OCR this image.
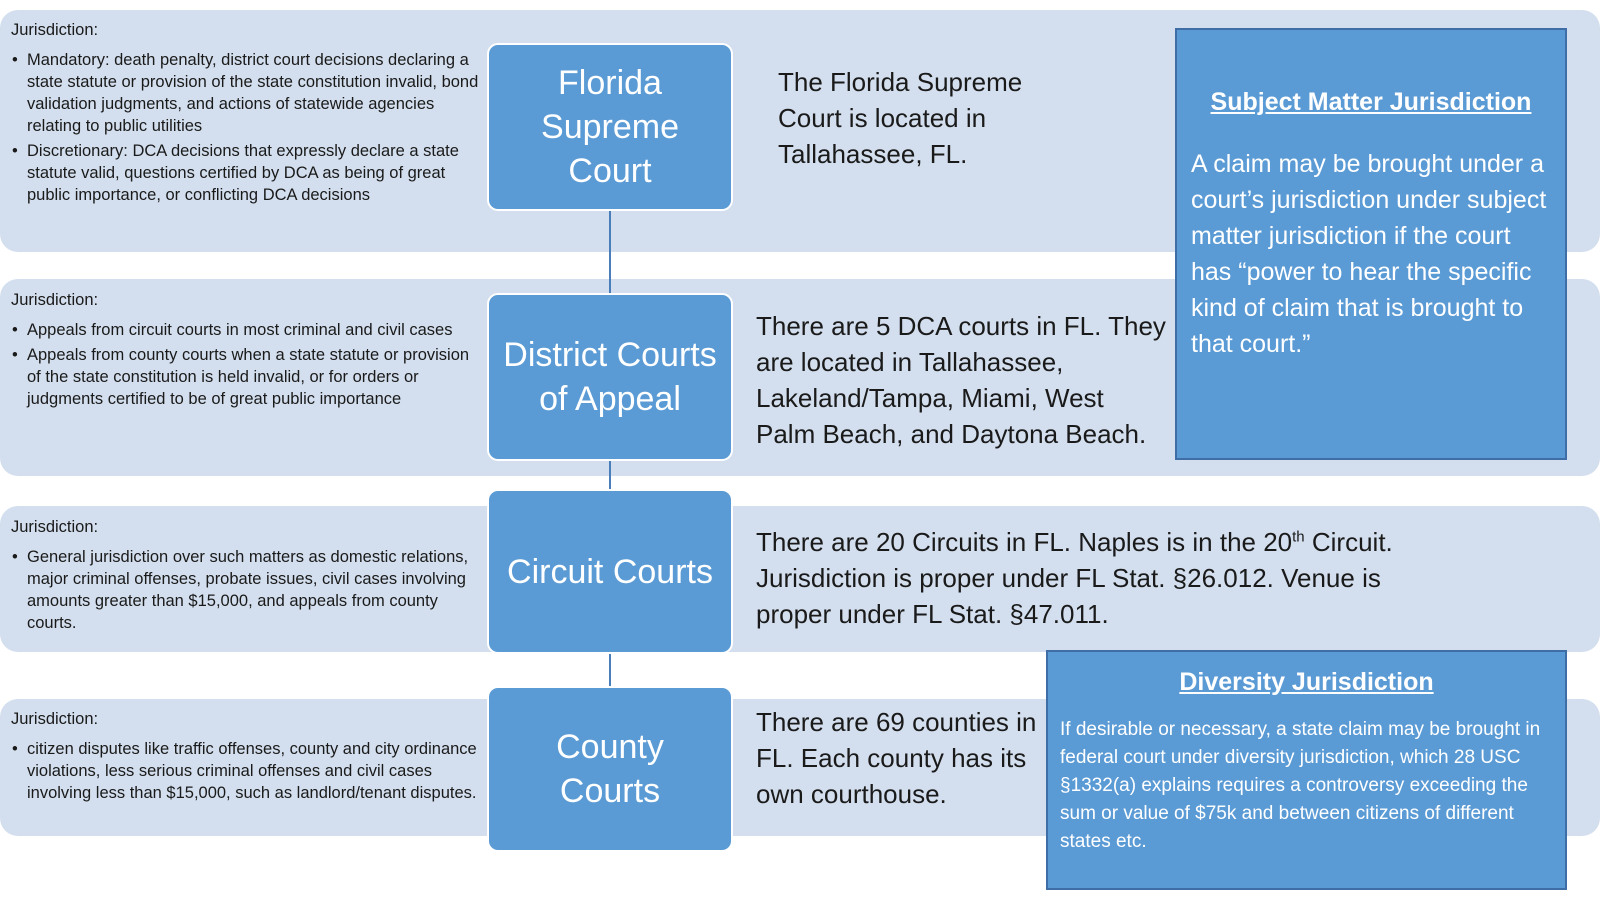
Jurisdiction:
• Mandatory: death penalty, district court decisions declaring a state statute or provision of the state constitution invalid, bond validation judgments, and actions of statewide agencies relating to public utilities
• Discretionary: DCA decisions that expressly declare a state statute valid, questions certified by DCA as being of great public importance, or conflicting DCA decisions
Florida Supreme Court
The Florida Supreme Court is located in Tallahassee, FL.
Jurisdiction:
• Appeals from circuit courts in most criminal and civil cases
• Appeals from county courts when a state statute or provision of the state constitution is held invalid, or for orders or judgments certified to be of great public importance
District Courts of Appeal
There are 5 DCA courts in FL. They are located in Tallahassee, Lakeland/Tampa, Miami, West Palm Beach, and Daytona Beach.
Jurisdiction:
• General jurisdiction over such matters as domestic relations, major criminal offenses, probate issues, civil cases involving amounts greater than $15,000, and appeals from county courts.
Circuit Courts
There are 20 Circuits in FL. Naples is in the 20th Circuit. Jurisdiction is proper under FL Stat. §26.012. Venue is proper under FL Stat. §47.011.
Jurisdiction:
• citizen disputes like traffic offenses, county and city ordinance violations, less serious criminal offenses and civil cases involving less than $15,000, such as landlord/tenant disputes.
County Courts
There are 69 counties in FL. Each county has its own courthouse.
Subject Matter Jurisdiction
A claim may be brought under a court’s jurisdiction under subject matter jurisdiction if the court has “power to hear the specific kind of claim that is brought to that court.”
Diversity Jurisdiction
If desirable or necessary, a state claim may be brought in federal court under diversity jurisdiction, which 28 USC §1332(a) explains requires a controversy exceeding the sum or value of $75k and between citizens of different states etc.
